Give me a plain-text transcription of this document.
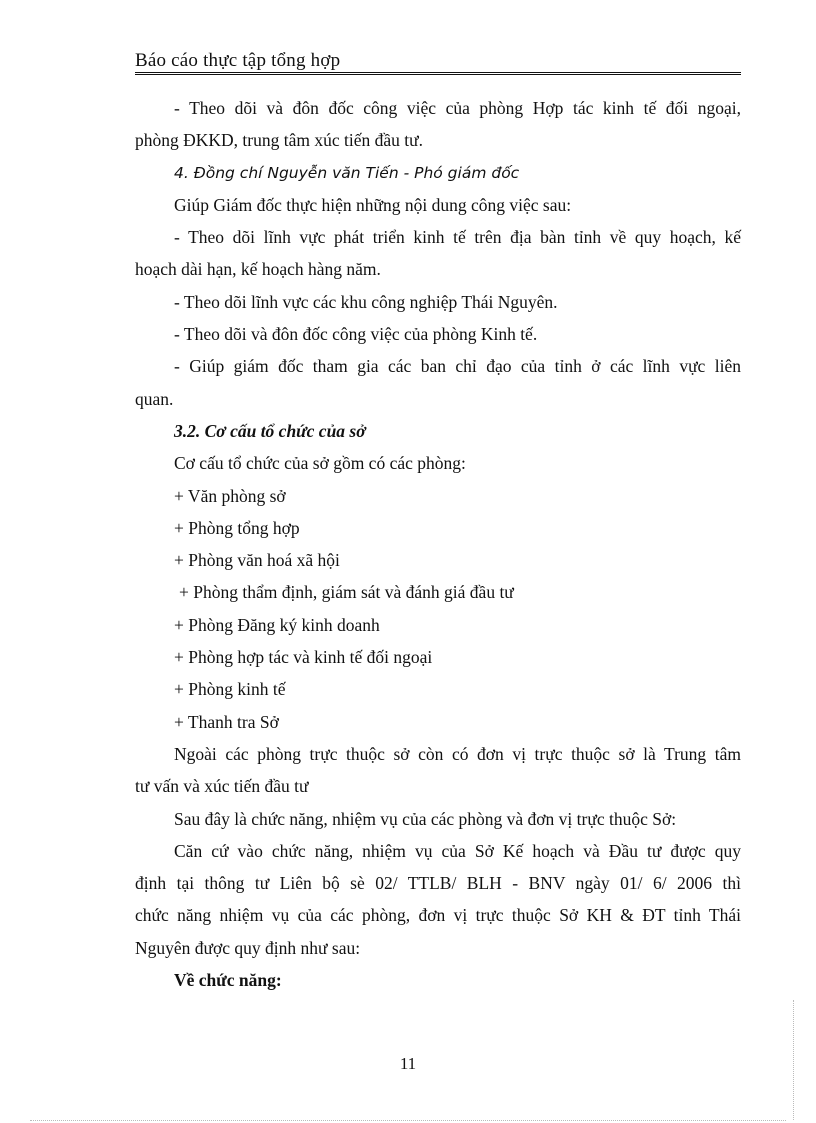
Báo cáo thực tập tổng hợp
- Theo dõi và đôn đốc công việc của phòng Hợp tác kinh tế đối ngoại,
phòng ĐKKD, trung tâm xúc tiến đầu tư.
4. Đồng chí Nguyễn văn Tiến - Phó giám đốc
Giúp Giám đốc thực hiện những nội dung công việc sau:
- Theo dõi lĩnh vực phát triển kinh tế trên địa bàn tỉnh về quy hoạch, kế
hoạch dài hạn, kế hoạch hàng năm.
- Theo dõi lĩnh vực các khu công nghiệp Thái Nguyên.
- Theo dõi và đôn đốc công việc của phòng Kinh tế.
- Giúp giám đốc tham gia các ban chỉ đạo của tỉnh ở các lĩnh vực liên
quan.
3.2. Cơ cấu tổ chức của sở
Cơ cấu tổ chức của sở gồm có các phòng:
+ Văn phòng sở
+ Phòng tổng hợp
+ Phòng văn hoá xã hội
+ Phòng thẩm định, giám sát và đánh giá đầu tư
+ Phòng Đăng ký kinh doanh
+ Phòng hợp tác và kinh tế đối ngoại
+ Phòng kinh tế
+ Thanh tra Sở
Ngoài các phòng trực thuộc sở còn có đơn vị trực thuộc sở là Trung tâm
tư vấn và xúc tiến đầu tư
Sau đây là chức năng, nhiệm vụ của các phòng và đơn vị trực thuộc Sở:
Căn cứ vào chức năng, nhiệm vụ của Sở Kế hoạch và Đầu tư được quy
định tại thông tư Liên bộ sè 02/ TTLB/ BLH - BNV ngày 01/ 6/ 2006 thì
chức năng nhiệm vụ của các phòng, đơn vị trực thuộc Sở KH & ĐT tỉnh Thái
Nguyên được quy định như sau:
Về chức năng:
11
